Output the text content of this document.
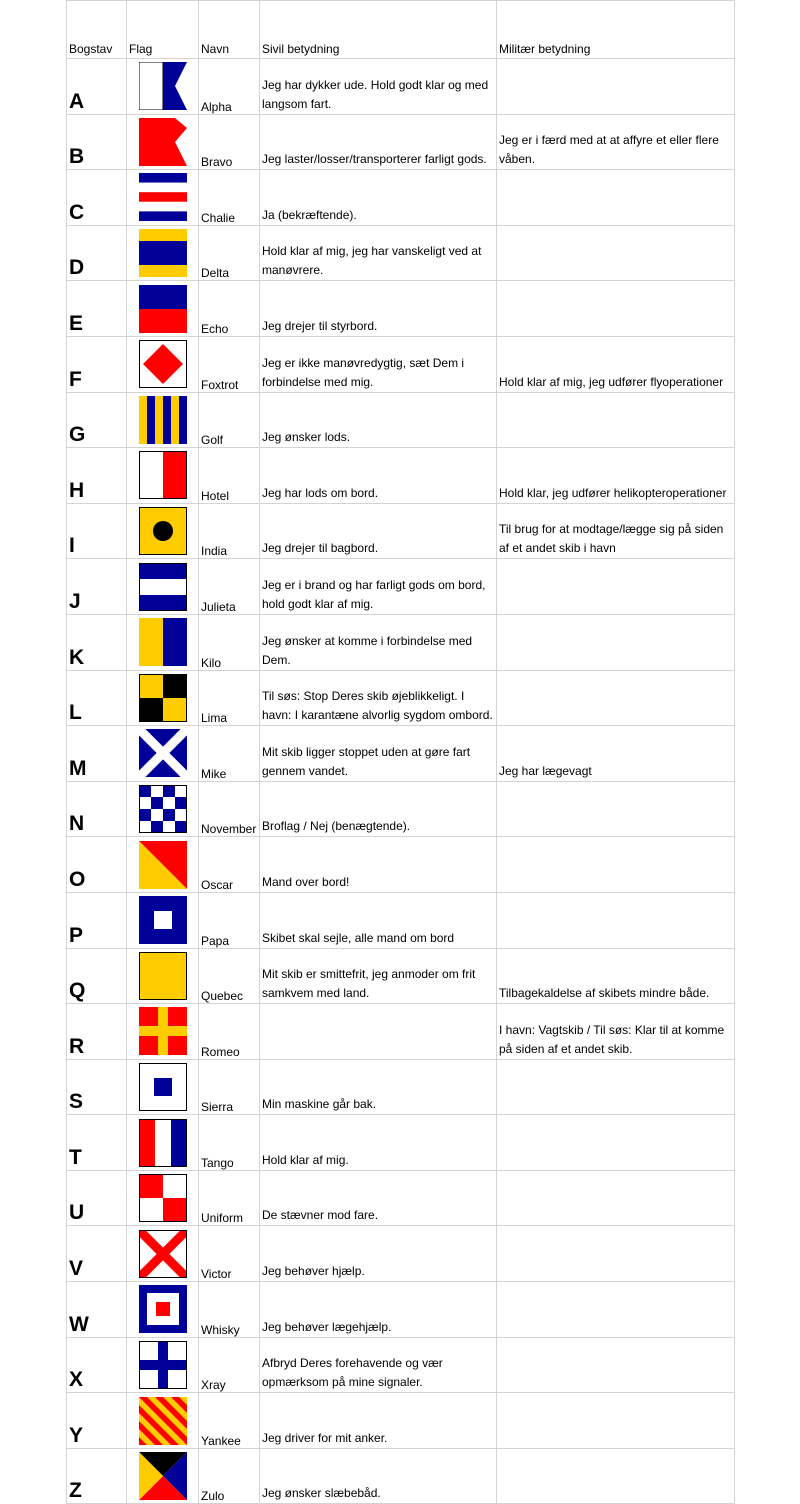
Bogstav	Flag	Navn	Sivil betydning	Militær betydning
A		Alpha	Jeg har dykker ude. Hold godt klar og med langsom fart.	
B		Bravo	Jeg laster/losser/transporterer farligt gods.	Jeg er i færd med at at affyre et eller flere våben.
C		Chalie	Ja (bekræftende).	
D		Delta	Hold klar af mig, jeg har vanskeligt ved at manøvrere.	
E		Echo	Jeg drejer til styrbord.	
F		Foxtrot	Jeg er ikke manøvredygtig, sæt Dem i forbindelse med mig.	Hold klar af mig, jeg udfører flyoperationer
G		Golf	Jeg ønsker lods.	
H		Hotel	Jeg har lods om bord.	Hold klar, jeg udfører helikopteroperationer
I		India	Jeg drejer til bagbord.	Til brug for at modtage/lægge sig på siden af et andet skib i havn
J		Julieta	Jeg er i brand og har farligt gods om bord, hold godt klar af mig.	
K		Kilo	Jeg ønsker at komme i forbindelse med Dem.	
L		Lima	Til søs: Stop Deres skib øjeblikkeligt. I havn: I karantæne alvorlig sygdom ombord.	
M		Mike	Mit skib ligger stoppet uden at gøre fart gennem vandet.	Jeg har lægevagt
N		November	Broflag / Nej (benægtende).	
O		Oscar	Mand over bord!	
P		Papa	Skibet skal sejle, alle mand om bord	
Q		Quebec	Mit skib er smittefrit, jeg anmoder om frit samkvem med land.	Tilbagekaldelse af skibets mindre både.
R		Romeo		I havn: Vagtskib / Til søs: Klar til at komme på siden af et andet skib.
S		Sierra	Min maskine går bak.	
T		Tango	Hold klar af mig.	
U		Uniform	De stævner mod fare.	
V		Victor	Jeg behøver hjælp.	
W		Whisky	Jeg behøver lægehjælp.	
X		Xray	Afbryd Deres forehavende og vær opmærksom på mine signaler.	
Y		Yankee	Jeg driver for mit anker.	
Z		Zulo	Jeg ønsker slæbebåd.	
